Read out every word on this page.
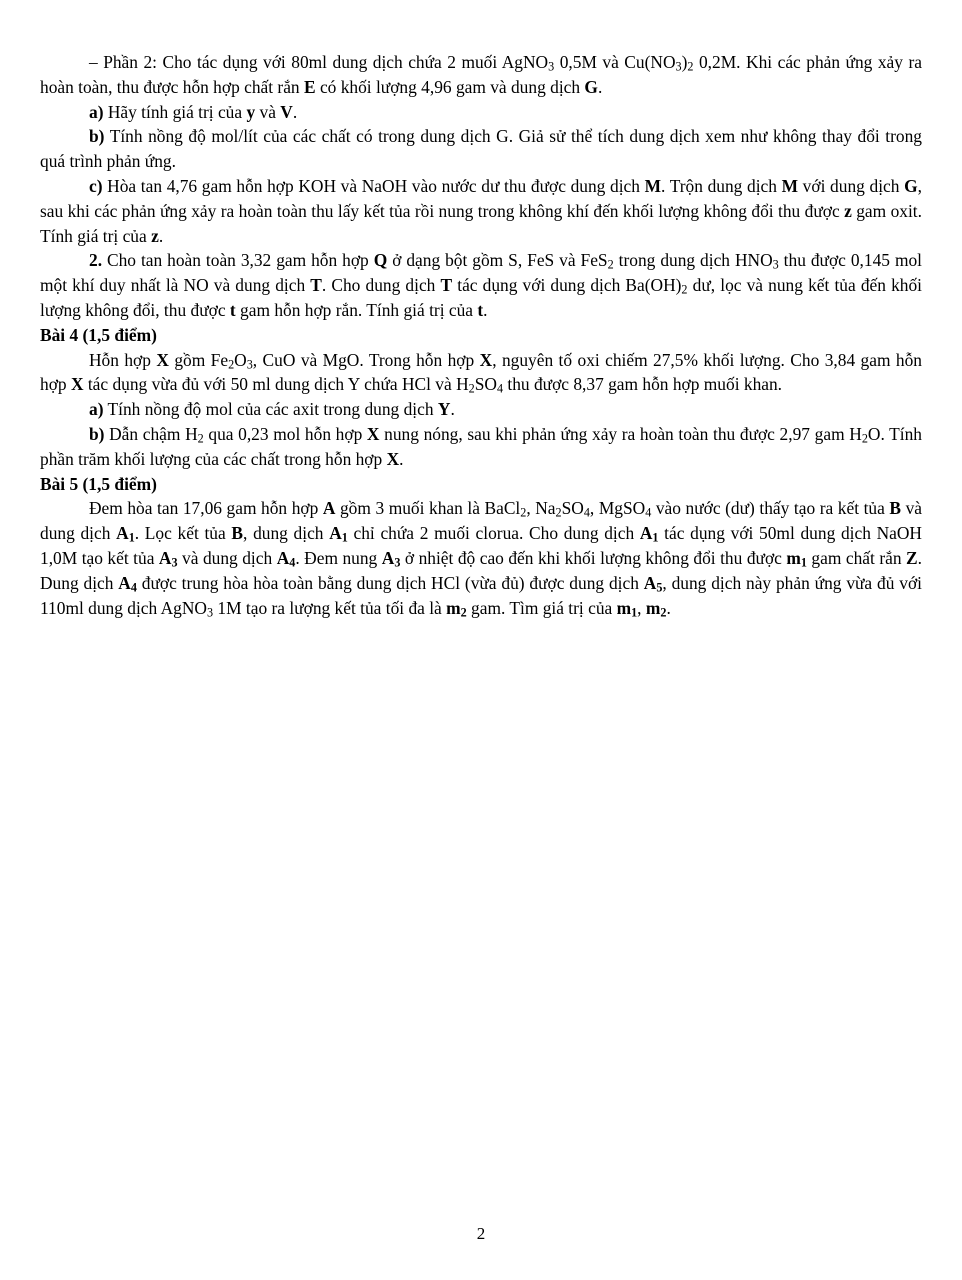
– Phần 2: Cho tác dụng với 80ml dung dịch chứa 2 muối AgNO$_3$ 0,5M và $Cu(NO_3)_2$ 0,2M. Khi các phản ứng xảy ra hoàn toàn, thu được hỗn hợp chất rắn E có khối lượng 4,96 gam và dung dịch G.

a) Hãy tính giá trị của y và V.

b) Tính nồng độ mol/lít của các chất có trong dung dịch G. Giả sử thể tích dung dịch xem như không thay đổi trong quá trình phản ứng.

c) Hòa tan 4,76 gam hỗn hợp KOH và NaOH vào nước dư thu được dung dịch M. Trộn dung dịch M với dung dịch G, sau khi các phản ứng xảy ra hoàn toàn thu lấy kết tủa rồi nung trong không khí đến khối lượng không đổi thu được z gam oxit. Tính giá trị của z.

2. Cho tan hoàn toàn 3,32 gam hỗn hợp Q ở dạng bột gồm S, FeS và FeS$_2$ trong dung dịch $HNO_3$ thu được 0,145 mol một khí duy nhất là NO và dung dịch T. Cho dung dịch T tác dụng với dung dịch $Ba(OH)_2$ dư, lọc và nung kết tủa đến khối lượng không đổi, thu được t gam hỗn hợp rắn. Tính giá trị của t.

Bài 4 (1,5 điểm)

Hỗn hợp X gồm $Fe_2O_3$, CuO và MgO. Trong hỗn hợp X, nguyên tố oxi chiếm 27,5% khối lượng. Cho 3,84 gam hỗn hợp X tác dụng vừa đủ với 50 ml dung dịch Y chứa HCl và $H_2SO_4$ thu được 8,37 gam hỗn hợp muối khan.

a) Tính nồng độ mol của các axit trong dung dịch Y.

b) Dẫn chậm $H_2$ qua 0,23 mol hỗn hợp X nung nóng, sau khi phản ứng xảy ra hoàn toàn thu được 2,97 gam $H_2O$. Tính phần trăm khối lượng của các chất trong hỗn hợp X.

Bài 5 (1,5 điểm)

Đem hòa tan 17,06 gam hỗn hợp A gồm 3 muối khan là BaCl$_2$, $Na_2SO_4$, MgSO$_4$ vào nước (dư) thấy tạo ra kết tủa B và dung dịch $A_1$. Lọc kết tủa B, dung dịch $A_1$ chỉ chứa 2 muối clorua. Cho dung dịch $A_1$ tác dụng với 50ml dung dịch NaOH 1,0M tạo kết tủa $A_3$ và dung dịch $A_4$. Đem nung $A_3$ ở nhiệt độ cao đến khi khối lượng không đổi thu được $m_1$ gam chất rắn Z. Dung dịch $A_4$ được trung hòa hòa toàn bằng dung dịch HCl (vừa đủ) được dung dịch $A_5$, dung dịch này phản ứng vừa đủ với 110ml dung dịch AgNO$_3$ 1M tạo ra lượng kết tủa tối đa là $m_2$ gam. Tìm giá trị của $m_1$, $m_2$.

2
